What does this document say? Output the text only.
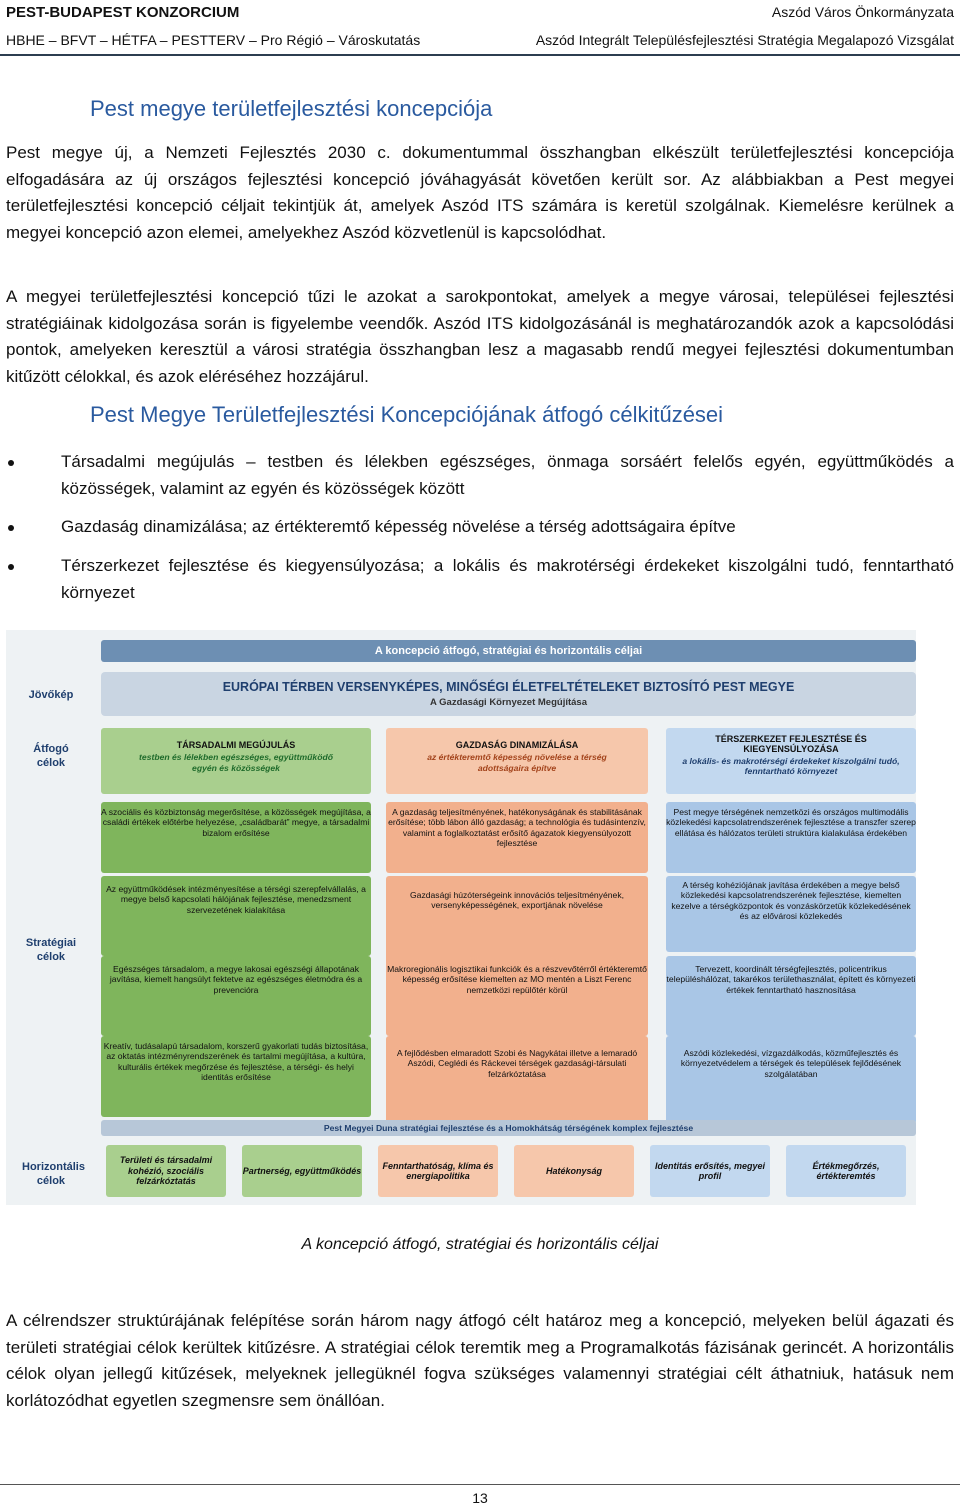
PEST-BUDAPEST KONZORCIUM	Aszód Város Önkormányzata
HBHE – BFVT – HÉTFA – PESTTERV – Pro Régió – Városkutatás	Aszód Integrált Településfejlesztési Stratégia Megalapozó Vizsgálat
Pest megye területfejlesztési koncepciója
Pest megye új, a Nemzeti Fejlesztés 2030 c. dokumentummal összhangban elkészült területfejlesztési koncepciója elfogadására az új országos fejlesztési koncepció jóváhagyását követően került sor. Az alábbiakban a Pest megyei területfejlesztési koncepció céljait tekintjük át, amelyek Aszód ITS számára is keretül szolgálnak. Kiemelésre kerülnek a megyei koncepció azon elemei, amelyekhez Aszód közvetlenül is kapcsolódhat.
A megyei területfejlesztési koncepció tűzi le azokat a sarokpontokat, amelyek a megye városai, települései fejlesztési stratégiáinak kidolgozása során is figyelembe veendők. Aszód ITS kidolgozásánál is meghatározandók azok a kapcsolódási pontok, amelyeken keresztül a városi stratégia összhangban lesz a magasabb rendű megyei fejlesztési dokumentumban kitűzött célokkal, és azok eléréséhez hozzájárul.
Pest Megye Területfejlesztési Koncepciójának átfogó célkitűzései
Társadalmi megújulás – testben és lélekben egészséges, önmaga sorsáért felelős egyén, együttműködés a közösségek, valamint az egyén és közösségek között
Gazdaság dinamizálása; az értékteremtő képesség növelése a térség adottságaira építve
Térszerkezet fejlesztése és kiegyensúlyozása; a lokális és makrotérségi érdekeket kiszolgálni tudó, fenntartható környezet
A koncepció átfogó, stratégiai és horizontális céljai
Jövőkép
Átfogó célok
Stratégiai célok
Horizontális célok
EURÓPAI TÉRBEN VERSENYKÉPES, MINŐSÉGI ÉLETFELTÉTELEKET BIZTOSÍTÓ PEST MEGYE
A Gazdasági Környezet Megújítása
TÁRSADALMI MEGÚJULÁS
testben és lélekben egészséges, együttműködő egyén és közösségek
GAZDASÁG DINAMIZÁLÁSA
az értékteremtő képesség növelése a térség adottságaira építve
TÉRSZERKEZET FEJLESZTÉSE ÉS KIEGYENSÚLYOZÁSA
a lokális- és makrotérségi érdekeket kiszolgálni tudó, fenntartható környezet
A szociális és közbiztonság megerősítése, a közösségek megújítása, a családi értékek előtérbe helyezése, „családbarát” megye, a társadalmi bizalom erősítése
Az együttműködések intézményesítése a térségi szerepfelvállalás, a megye belső kapcsolati hálójának fejlesztése, menedzsment szervezetének kialakítása
Egészséges társadalom, a megye lakosai egészségi állapotának javítása, kiemelt hangsúlyt fektetve az egészséges életmódra és a prevencióra
Kreatív, tudásalapú társadalom, korszerű gyakorlati tudás biztosítása, az oktatás intézményrendszerének és tartalmi megújítása, a kultúra, kulturális értékek megőrzése és fejlesztése, a térségi- és helyi identitás erősítése
A gazdaság teljesítményének, hatékonyságának és stabilitásának erősítése; több lábon álló gazdaság; a technológia és tudásintenzív, valamint a foglalkoztatást erősítő ágazatok kiegyensúlyozott fejlesztése
Gazdasági húzóterségeink innovációs teljesítményének, versenyképességének, exportjának növelése
Makroregionális logisztikai funkciók és a részvevőtérről értékteremtő képesség erősítése kiemelten az MO mentén a Liszt Ferenc nemzetközi repülőtér körül
A fejlődésben elmaradott Szobi és Nagykátai illetve a lemaradó Aszódi, Ceglédi és Ráckevei térségek gazdasági-társulati felzárkóztatása
Pest megye térségének nemzetközi és országos multimodális közlekedési kapcsolatrendszerének fejlesztése a transzfer szerep ellátása és hálózatos területi struktúra kialakulása érdekében
A térség kohéziójának javítása érdekében a megye belső közlekedési kapcsolatrendszerének fejlesztése, kiemelten kezelve a térségközpontok és vonzáskörzetük közlekedésének és az elővárosi közlekedés
Tervezett, koordinált térségfejlesztés, policentrikus településhálózat, takarékos területhasználat, épített és környezeti értékek fenntartható hasznosítása
Aszódi közlekedési, vízgazdálkodás, közműfejlesztés és környezetvédelem a térségek és települések fejlődésének szolgálatában
Pest Megyei Duna stratégiai fejlesztése és a Homokhátság térségének komplex fejlesztése
Területi és társadalmi kohézió, szociális felzárkóztatás
Partnerség, együttműködés
Fenntarthatóság, klíma és energiapolitika
Hatékonyság
Identitás erősítés, megyei profil
Értékmegőrzés, értékteremtés
A koncepció átfogó, stratégiai és horizontális céljai
A célrendszer struktúrájának felépítése során három nagy átfogó célt határoz meg a koncepció, melyeken belül ágazati és területi stratégiai célok kerültek kitűzésre. A stratégiai célok teremtik meg a Programalkotás fázisának gerincét. A horizontális célok olyan jellegű kitűzések, melyeknek jellegüknél fogva szükséges valamennyi stratégiai célt áthatniuk, hatásuk nem korlátozódhat egyetlen szegmensre sem önállóan.
13
